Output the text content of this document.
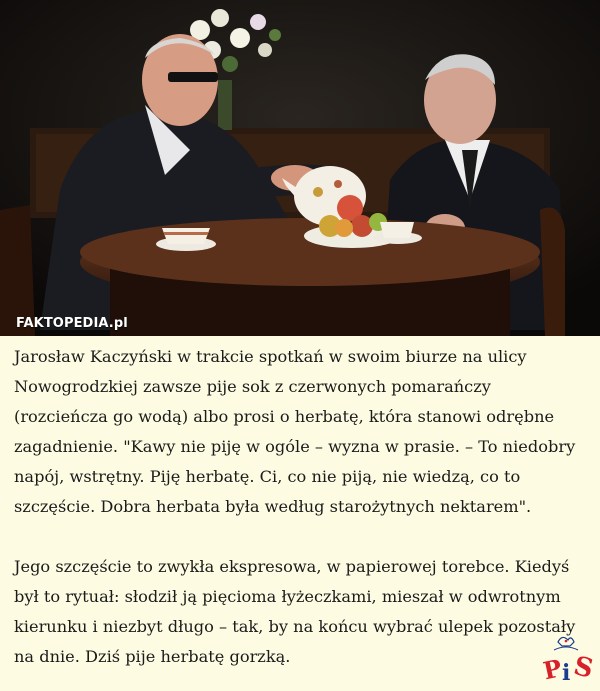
FAKTOPEDIA.pl

Jarosław Kaczyński w trakcie spotkań w swoim biurze na ulicy Nowogrodzkiej zawsze pije sok z czerwonych pomarańczy (rozcieńcza go wodą) albo prosi o herbatę, która stanowi odrębne zagadnienie. "Kawy nie piję w ogóle – wyzna w prasie. – To niedobry napój, wstrętny. Piję herbatę. Ci, co nie piją, nie wiedzą, co to szczęście. Dobra herbata była według starożytnych nektarem".

Jego szczęście to zwykła ekspresowa, w papierowej torebce. Kiedyś był to rytuał: słodził ją pięcioma łyżeczkami, mieszał w odwrotnym kierunku i niezbyt długo – tak, by na końcu wybrać ulepek pozostały na dnie. Dziś pije herbatę gorzką.	P
i S
